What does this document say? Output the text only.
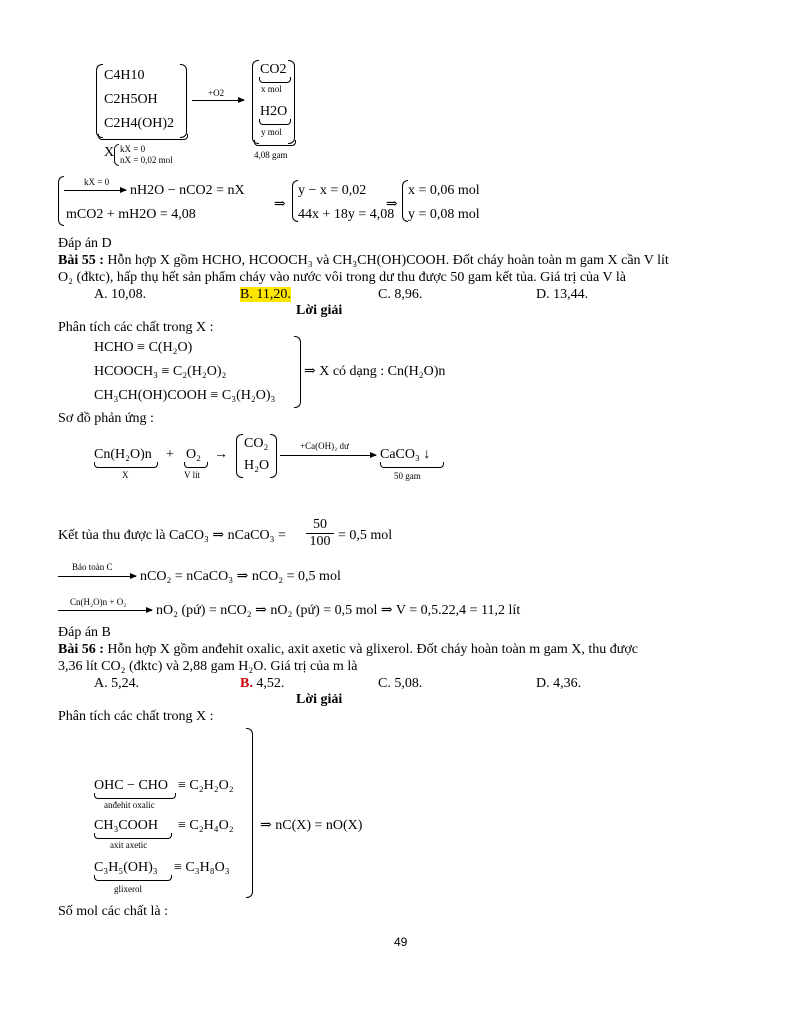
C4H10
C2H5OH
C2H4(OH)2
X kX = 0
nX = 0,02 mol
+O2
CO2
x mol
H2O
y mol
4,08 gam
kX = 0
nH2O − nCO2 = nX
mCO2 + mH2O = 4,08
⇒
y − x = 0,02
44x + 18y = 4,08
⇒
x = 0,06 mol
y = 0,08 mol
Đáp án D
Bài 55 : Hỗn hợp X gồm HCHO, HCOOCH₃ và CH₃CH(OH)COOH. Đốt cháy hoàn toàn m gam X cần V lít
O₂ (đktc), hấp thụ hết sản phẩm cháy vào nước vôi trong dư thu được 50 gam kết tủa. Giá trị của V là
A. 10,08.	B. 11,20.	C. 8,96.	D. 13,44.
Lời giải
Phân tích các chất trong X :
HCHO ≡ C(H₂O)
HCOOCH₃ ≡ C₂(H₂O)₂
CH₃CH(OH)COOH ≡ C₃(H₂O)₃
⇒ X có dạng : Cn(H₂O)n
Sơ đồ phản ứng :
Cn(H₂O)n
X
+ O₂
V lít
→
CO₂
H₂O
+Ca(OH)₂ dư
CaCO₃ ↓
50 gam
Kết tủa thu được là CaCO₃ ⇒ nCaCO₃ = $\frac{50}{100} = 0,5$ mol
Bảo toàn C
nCO₂ = nCaCO₃ ⇒ nCO₂ = 0,5 mol
Cn(H₂O)n + O₂
nO₂ (pứ) = nCO₂ ⇒ nO₂ (pứ) = 0,5 mol ⇒ V = 0,5.22,4 = 11,2 lít
Đáp án B
Bài 56 : Hỗn hợp X gồm anđehit oxalic, axit axetic và glixerol. Đốt cháy hoàn toàn m gam X, thu được
3,36 lít CO₂ (đktc) và 2,88 gam H₂O. Giá trị của m là
A. 5,24.	B. 4,52.	C. 5,08.	D. 4,36.
Lời giải
Phân tích các chất trong X :
OHC − CHO
anđehit oxalic
≡ C₂H₂O₂
CH₃COOH
axit axetic
≡ C₂H₄O₂
C₃H₅(OH)₃
glixerol
≡ C₃H₈O₃
⇒ nC(X) = nO(X)
Số mol các chất là :
49
